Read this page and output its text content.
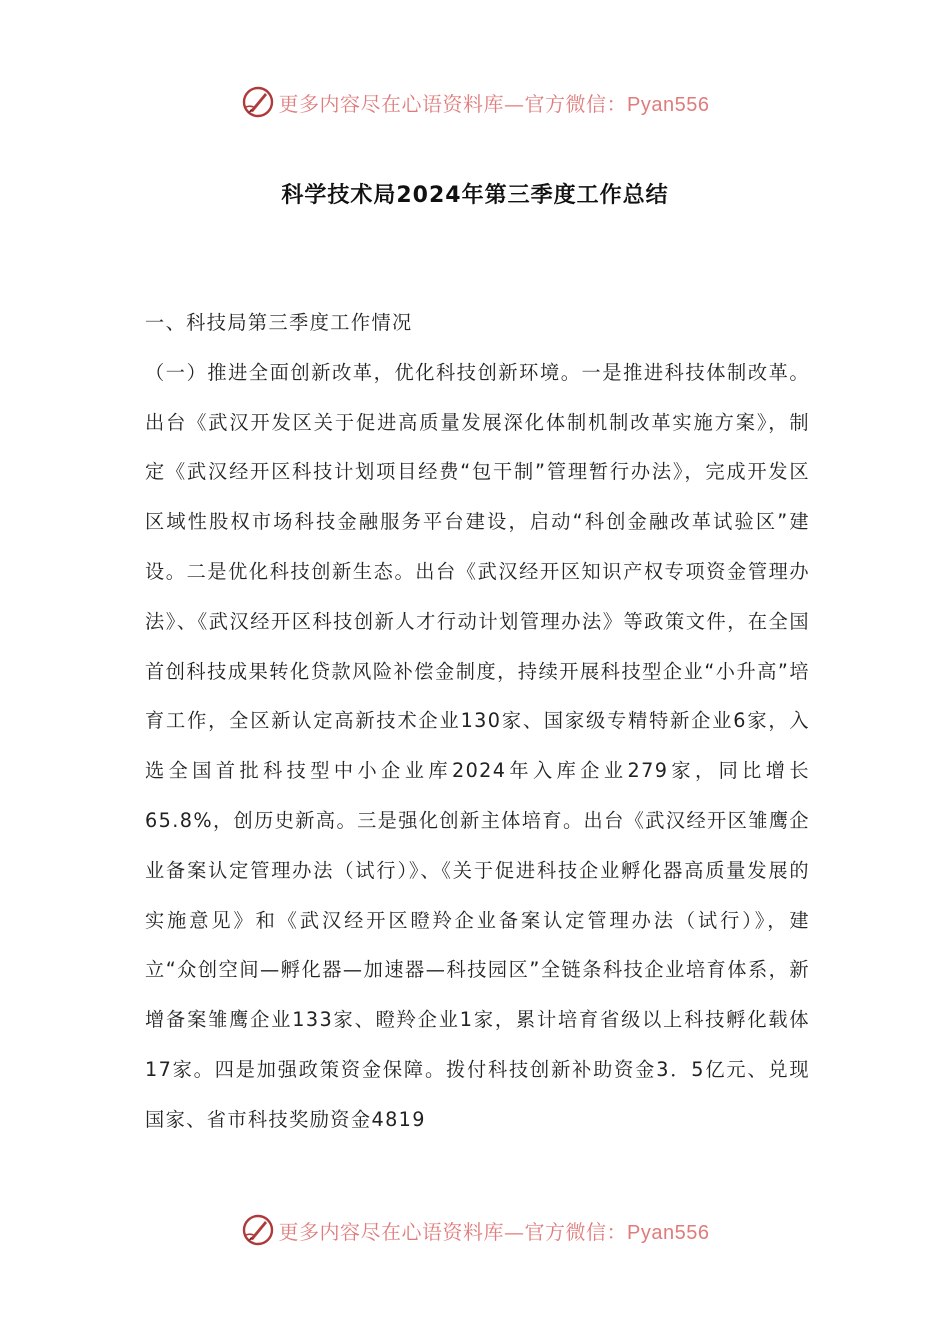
更多内容尽在心语资料库—官方微信：Pyan556
科学技术局2024年第三季度工作总结

一、科技局第三季度工作情况

（一）推进全面创新改革，优化科技创新环境。一是推进科技体制改革。出台《武汉开发区关于促进高质量发展深化体制机制改革实施方案》，制定《武汉经开区科技计划项目经费“包干制”管理暂行办法》，完成开发区区域性股权市场科技金融服务平台建设，启动“科创金融改革试验区”建设。二是优化科技创新生态。出台《武汉经开区知识产权专项资金管理办法》、《武汉经开区科技创新人才行动计划管理办法》等政策文件，在全国首创科技成果转化贷款风险补偿金制度，持续开展科技型企业“小升高”培育工作，全区新认定高新技术企业130家、国家级专精特新企业6家，入选全国首批科技型中小企业库2024年入库企业279家，同比增长65.8%，创历史新高。三是强化创新主体培育。出台《武汉经开区雏鹰企业备案认定管理办法（试行）》、《关于促进科技企业孵化器高质量发展的实施意见》和《武汉经开区瞪羚企业备案认定管理办法（试行）》，建立“众创空间—孵化器—加速器—科技园区”全链条科技企业培育体系，新增备案雏鹰企业133家、瞪羚企业1家，累计培育省级以上科技孵化载体17家。四是加强政策资金保障。拨付科技创新补助资金3．5亿元、兑现国家、省市科技奖励资金4819

更多内容尽在心语资料库—官方微信：Pyan556
